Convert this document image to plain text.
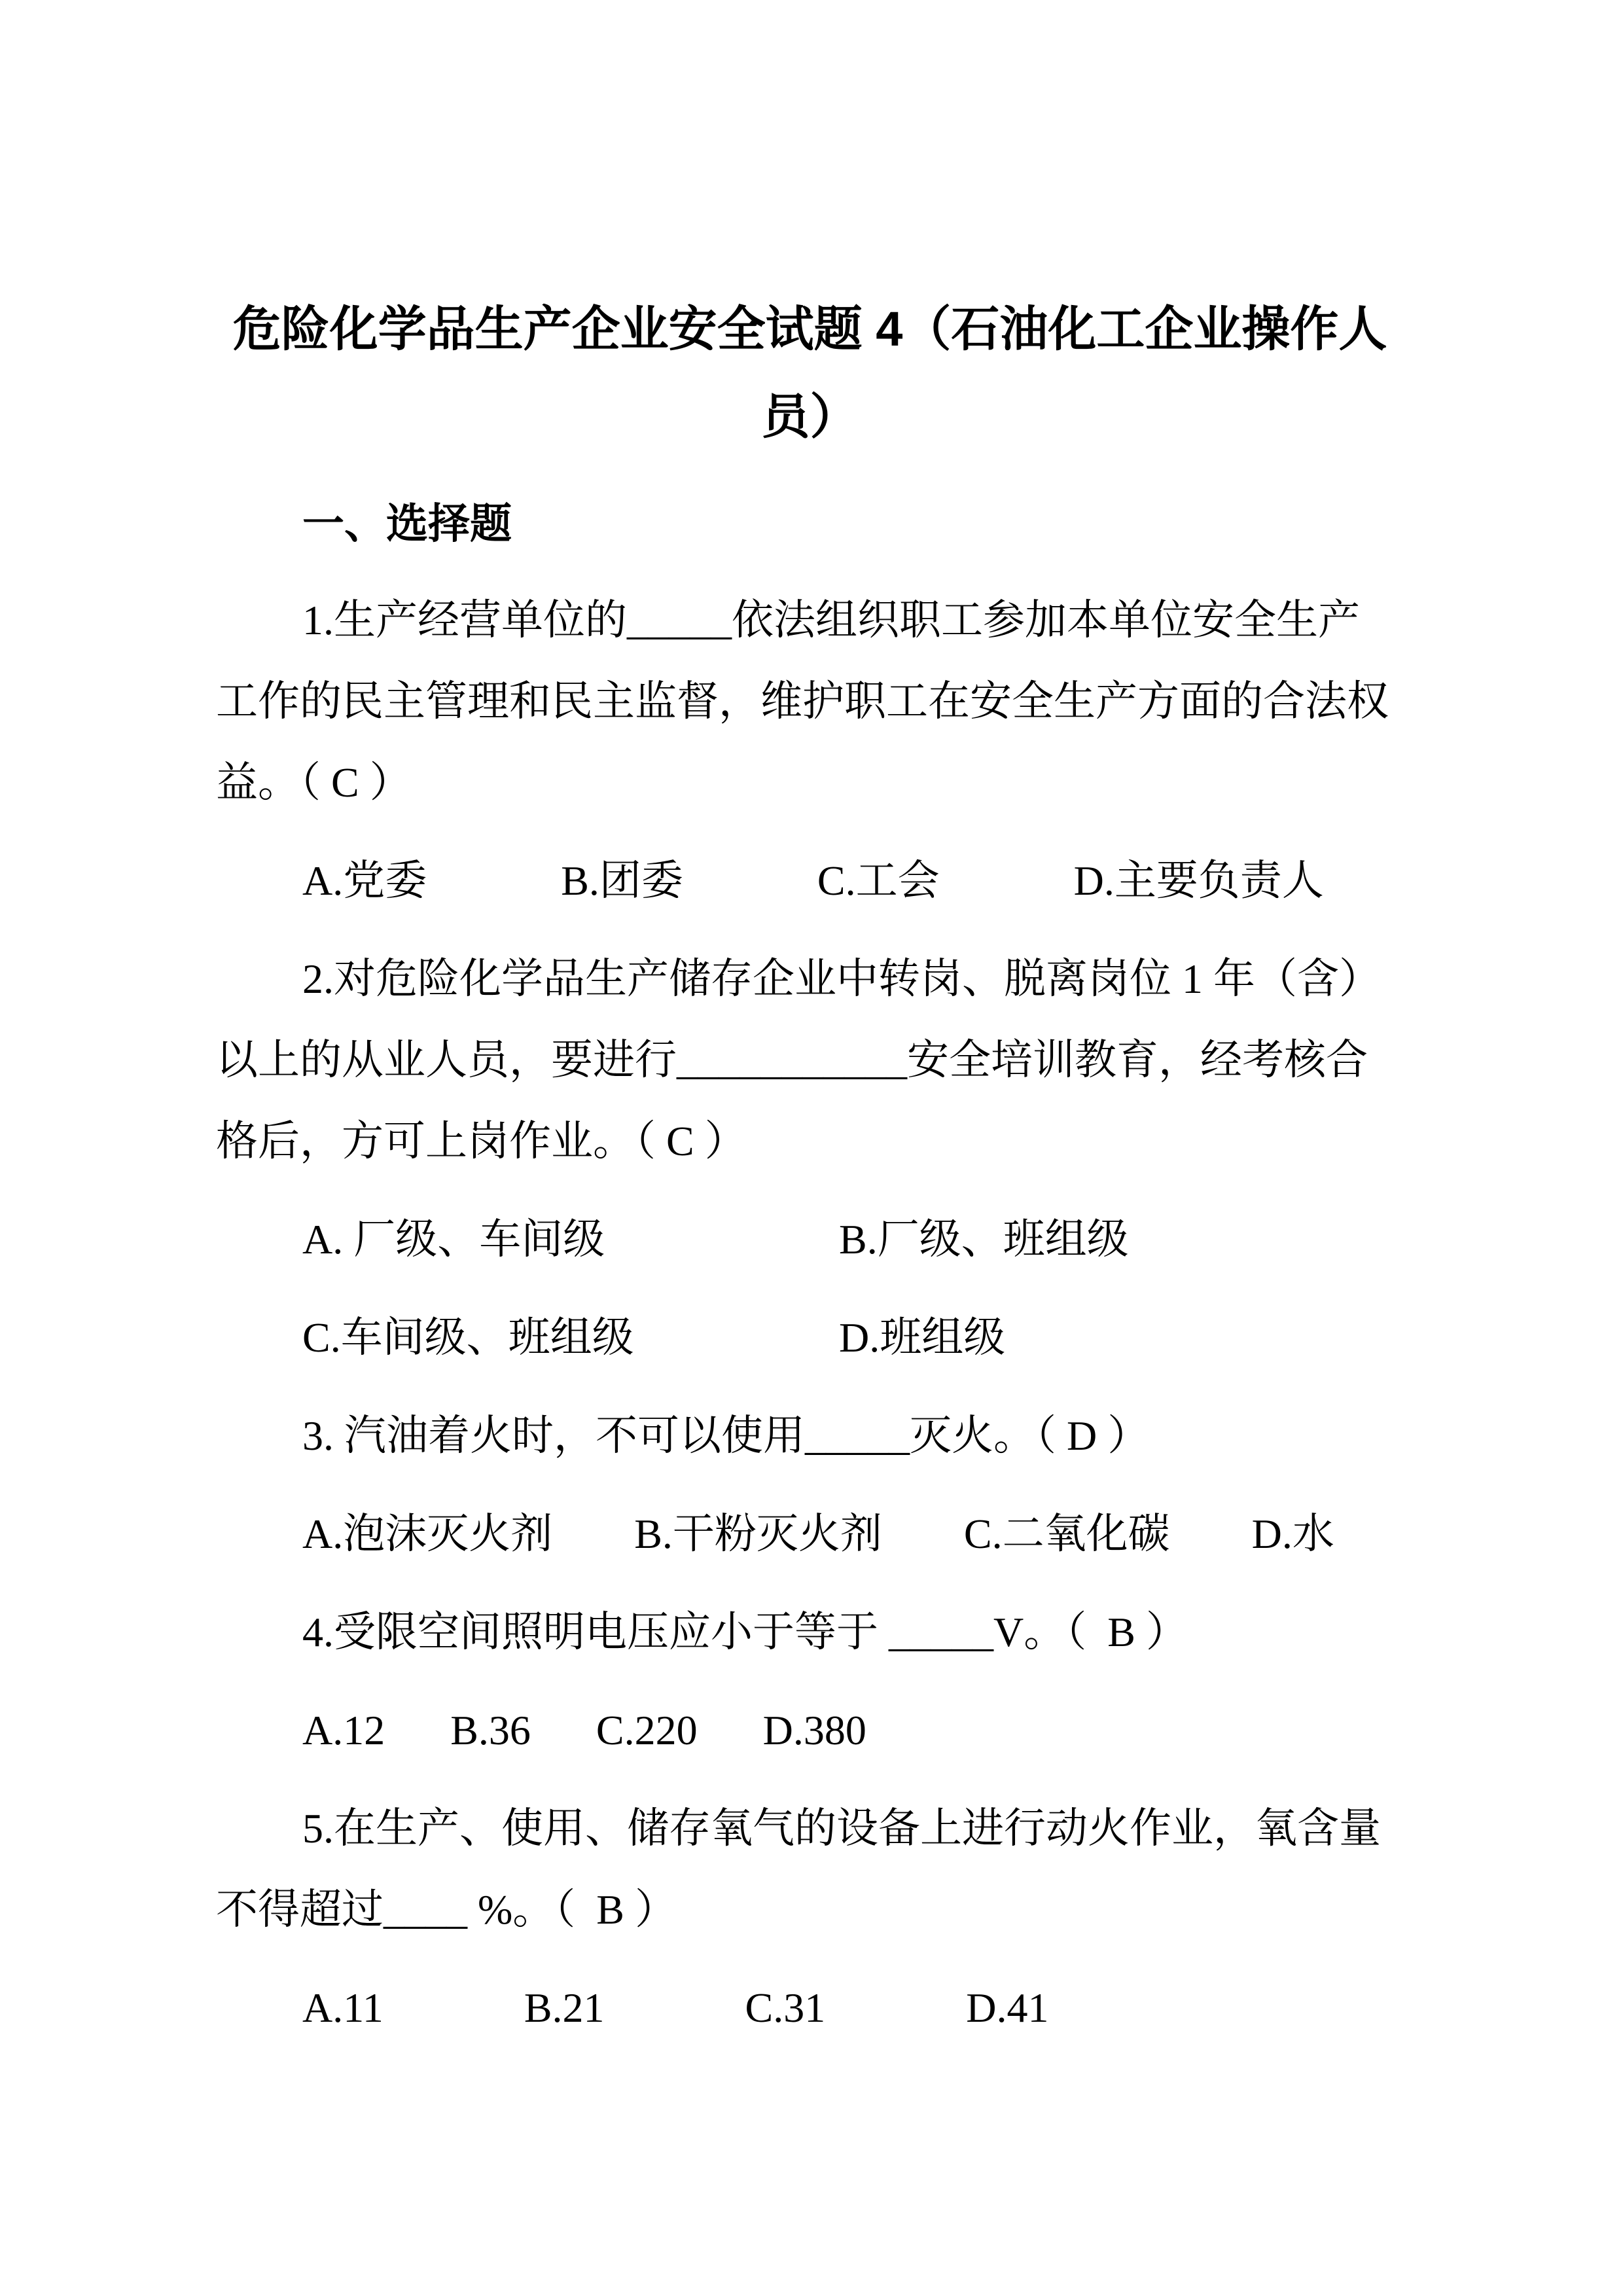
危险化学品生产企业安全试题 4（石油化工企业操作人
员）
一、选择题
1.生产经营单位的_____依法组织职工参加本单位安全生产
工作的民主管理和民主监督，维护职工在安全生产方面的合法权
益。（ C ）
A.党委	B.团委	C.工会	D.主要负责人
2.对危险化学品生产储存企业中转岗、脱离岗位 1 年（含）
以上的从业人员，要进行___________安全培训教育，经考核合
格后，方可上岗作业。（ C ）
A. 厂级、车间级	B.厂级、班组级
C.车间级、班组级	D.班组级
3. 汽油着火时，不可以使用_____灭火。（ D ）
A.泡沫灭火剂 B.干粉灭火剂 C.二氧化碳 D.水
4.受限空间照明电压应小于等于 _____V。（  B ）
A.12 B.36 C.220 D.380
5.在生产、使用、储存氧气的设备上进行动火作业，氧含量
不得超过____ %。（  B ）
A.11	B.21	C.31	D.41
